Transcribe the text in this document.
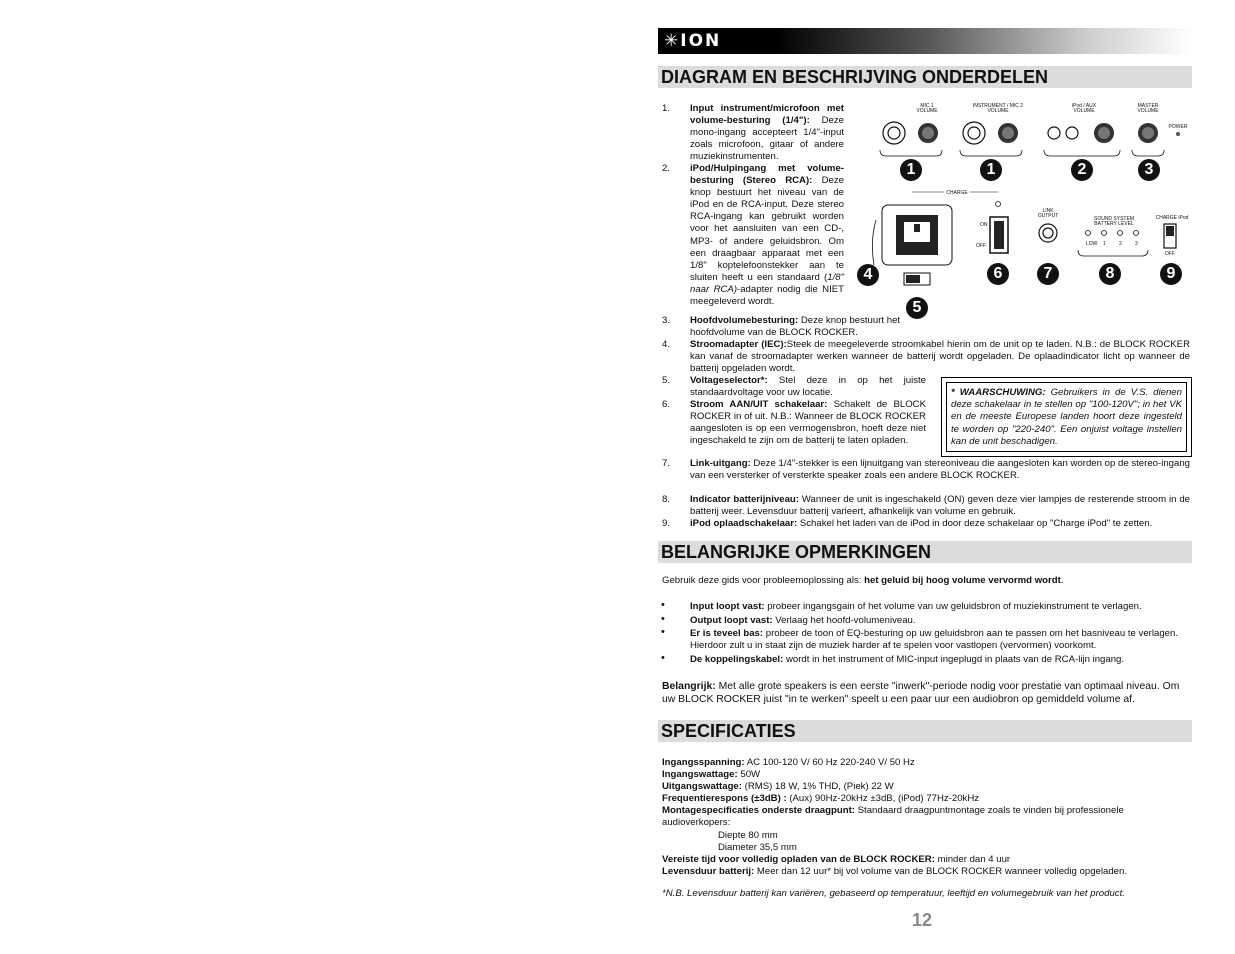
✳ION
DIAGRAM EN BESCHRIJVING ONDERDELEN
MIC 1
VOLUME
INSTRUMENT / MIC 2
VOLUME
iPod / AUX
VOLUME
MASTER
VOLUME
POWER
CHARGE
ON
OFF
LINK
OUTPUT	SOUND SYSTEM
BATTERY LEVEL
LOW 1	2	3
CHARGE iPod
OFF
1	1	2	3
4
5
6	7	8	9
1.	Input instrument/microfoon met volume-besturing (1/4"): Deze mono-ingang accepteert 1/4"-input zoals microfoon, gitaar of andere muziekinstrumenten.
2.	iPod/Hulpingang met volume-besturing (Stereo RCA): Deze knop bestuurt het niveau van de iPod en de RCA-input. Deze stereo RCA-ingang kan gebruikt worden voor het aansluiten van een CD-, MP3- of andere geluidsbron. Om een draagbaar apparaat met een 1/8" koptelefoonstekker aan te sluiten heeft u een standaard (1/8" naar RCA)-adapter nodig die NIET meegeleverd wordt.
3.	Hoofdvolumebesturing: Deze knop bestuurt het hoofdvolume van de BLOCK ROCKER.
4.	Stroomadapter (IEC):Steek de meegeleverde stroomkabel hierin om de unit op te laden. N.B.: de BLOCK ROCKER kan vanaf de stroomadapter werken wanneer de batterij wordt opgeladen. De oplaadindicator licht op wanneer de batterij opgeladen wordt.
5.	Voltageselector*: Stel deze in op het juiste standaardvoltage voor uw locatie.
6.	Stroom AAN/UIT schakelaar: Schakelt de BLOCK ROCKER in of uit. N.B.: Wanneer de BLOCK ROCKER aangesloten is op een vermogensbron, hoeft deze niet ingeschakeld te zijn om de batterij te laten opladen.
* WAARSCHUWING: Gebruikers in de V.S. dienen deze schakelaar in te stellen op "100-120V"; in het VK en de meeste Europese landen hoort deze ingesteld te worden op "220-240". Een onjuist voltage instellen kan de unit beschadigen.
7.	Link-uitgang: Deze 1/4"-stekker is een lijnuitgang van stereoniveau die aangesloten kan worden op de stereo-ingang van een versterker of versterkte speaker zoals een andere BLOCK ROCKER.
8.	Indicator batterijniveau: Wanneer de unit is ingeschakeld (ON) geven deze vier lampjes de resterende stroom in de batterij weer. Levensduur batterij varieert, afhankelijk van volume en gebruik.
9.	iPod oplaadschakelaar: Schakel het laden van de iPod in door deze schakelaar op "Charge iPod" te zetten.
BELANGRIJKE OPMERKINGEN
Gebruik deze gids voor probleemoplossing als: het geluid bij hoog volume vervormd wordt.
•	Input loopt vast: probeer ingangsgain of het volume van uw geluidsbron of muziekinstrument te verlagen.
•	Output loopt vast: Verlaag het hoofd-volumeniveau.
•	Er is teveel bas: probeer de toon of EQ-besturing op uw geluidsbron aan te passen om het basniveau te verlagen. Hierdoor zult u in staat zijn de muziek harder af te spelen voor vastlopen (vervormen) voorkomt.
•	De koppelingskabel: wordt in het instrument of MIC-input ingeplugd in plaats van de RCA-lijn ingang.
Belangrijk: Met alle grote speakers is een eerste "inwerk"-periode nodig voor prestatie van optimaal niveau. Om uw BLOCK ROCKER juist "in te werken" speelt u een paar uur een audiobron op gemiddeld volume af.
SPECIFICATIES
Ingangsspanning: AC 100-120 V/ 60 Hz 220-240 V/ 50 Hz
Ingangswattage: 50W
Uitgangswattage: (RMS) 18 W, 1% THD, (Piek) 22 W
Frequentierespons (±3dB) : (Aux) 90Hz-20kHz ±3dB, (iPod) 77Hz-20kHz
Montagespecificaties onderste draagpunt: Standaard draagpuntmontage zoals te vinden bij professionele audioverkopers:
Diepte 80 mm
Diameter 35,5 mm
Vereiste tijd voor volledig opladen van de BLOCK ROCKER: minder dan 4 uur
Levensduur batterij: Meer dan 12 uur* bij vol volume van de BLOCK ROCKER wanneer volledig opgeladen.
*N.B. Levensduur batterij kan variëren, gebaseerd op temperatuur, leeftijd en volumegebruik van het product.
12
